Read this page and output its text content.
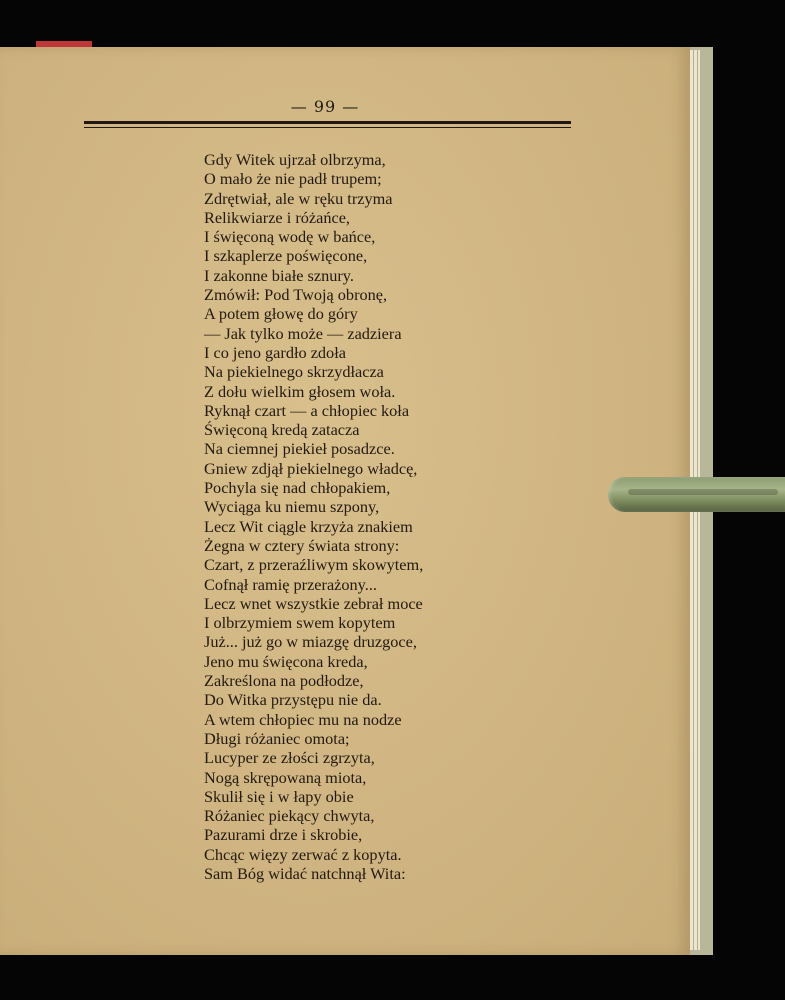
— 99 —
Gdy Witek ujrzał olbrzyma,
O mało że nie padł trupem;
Zdrętwiał, ale w ręku trzyma
Relikwiarze i różańce,
I święconą wodę w bańce,
I szkaplerze poświęcone,
I zakonne białe sznury.
Zmówił: Pod Twoją obronę,
A potem głowę do góry
— Jak tylko może — zadziera
I co jeno gardło zdoła
Na piekielnego skrzydłacza
Z dołu wielkim głosem woła.
Ryknął czart — a chłopiec koła
Święconą kredą zatacza
Na ciemnej piekieł posadzce.
Gniew zdjął piekielnego władcę,
Pochyla się nad chłopakiem,
Wyciąga ku niemu szpony,
Lecz Wit ciągle krzyża znakiem
Żegna w cztery świata strony:
Czart, z przeraźliwym skowytem,
Cofnął ramię przerażony...
Lecz wnet wszystkie zebrał moce
I olbrzymiem swem kopytem
Już... już go w miazgę druzgoce,
Jeno mu święcona kreda,
Zakreślona na podłodze,
Do Witka przystępu nie da.
A wtem chłopiec mu na nodze
Długi różaniec omota;
Lucyper ze złości zgrzyta,
Nogą skrępowaną miota,
Skulił się i w łapy obie
Różaniec piekący chwyta,
Pazurami drze i skrobie,
Chcąc więzy zerwać z kopyta.
Sam Bóg widać natchnął Wita:
